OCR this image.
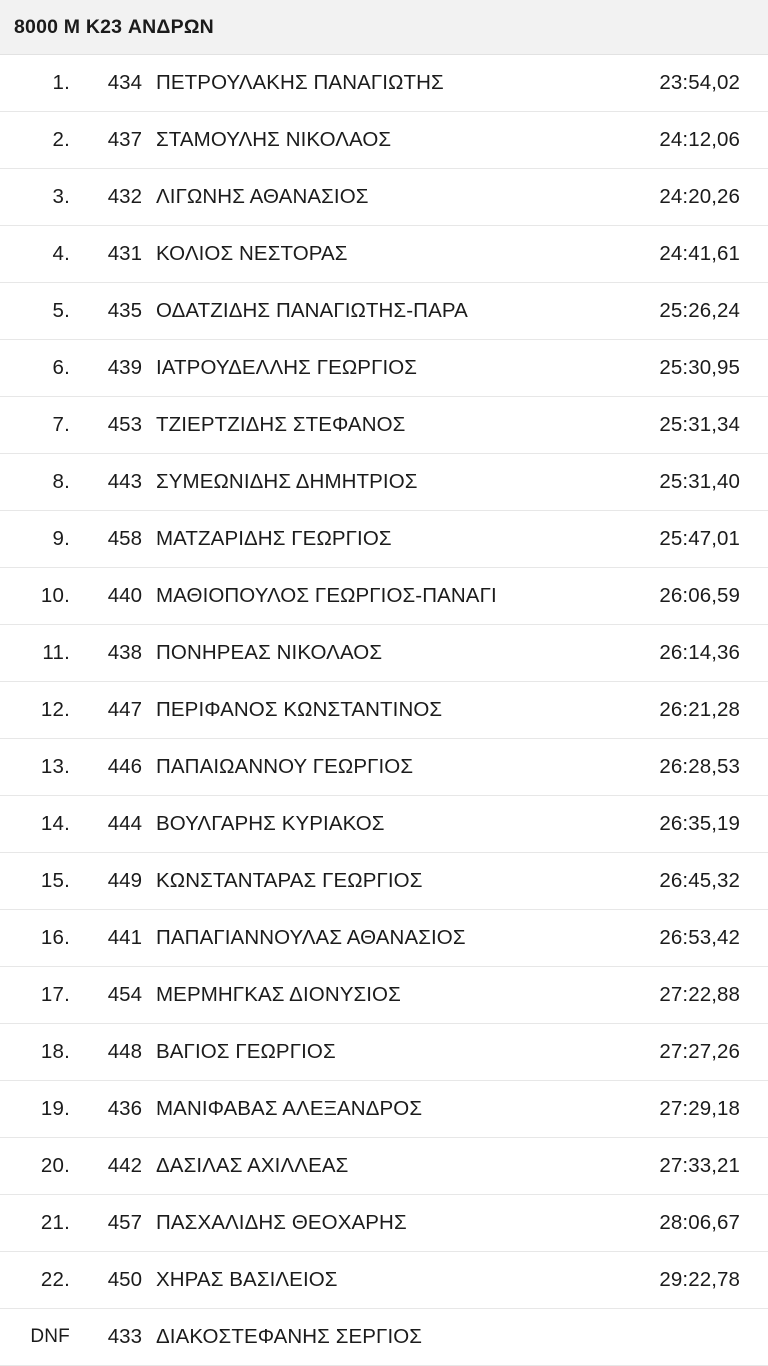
8000 M K23 ΑΝΔΡΩΝ
1.	434	ΠΕΤΡΟΥΛΑΚΗΣ ΠΑΝΑΓΙΩΤΗΣ	23:54,02
2.	437	ΣΤΑΜΟΥΛΗΣ ΝΙΚΟΛΑΟΣ	24:12,06
3.	432	ΛΙΓΩΝΗΣ ΑΘΑΝΑΣΙΟΣ	24:20,26
4.	431	ΚΟΛΙΟΣ ΝΕΣΤΟΡΑΣ	24:41,61
5.	435	ΟΔΑΤΖΙΔΗΣ ΠΑΝΑΓΙΩΤΗΣ-ΠΑΡΑ	25:26,24
6.	439	ΙΑΤΡΟΥΔΕΛΛΗΣ ΓΕΩΡΓΙΟΣ	25:30,95
7.	453	ΤΖΙΕΡΤΖΙΔΗΣ ΣΤΕΦΑΝΟΣ	25:31,34
8.	443	ΣΥΜΕΩΝΙΔΗΣ ΔΗΜΗΤΡΙΟΣ	25:31,40
9.	458	ΜΑΤΖΑΡΙΔΗΣ ΓΕΩΡΓΙΟΣ	25:47,01
10.	440	ΜΑΘΙΟΠΟΥΛΟΣ ΓΕΩΡΓΙΟΣ-ΠΑΝΑΓΙ	26:06,59
11.	438	ΠΟΝΗΡΕΑΣ ΝΙΚΟΛΑΟΣ	26:14,36
12.	447	ΠΕΡΙΦΑΝΟΣ ΚΩΝΣΤΑΝΤΙΝΟΣ	26:21,28
13.	446	ΠΑΠΑΙΩΑΝΝΟΥ ΓΕΩΡΓΙΟΣ	26:28,53
14.	444	ΒΟΥΛΓΑΡΗΣ ΚΥΡΙΑΚΟΣ	26:35,19
15.	449	ΚΩΝΣΤΑΝΤΑΡΑΣ ΓΕΩΡΓΙΟΣ	26:45,32
16.	441	ΠΑΠΑΓΙΑΝΝΟΥΛΑΣ ΑΘΑΝΑΣΙΟΣ	26:53,42
17.	454	ΜΕΡΜΗΓΚΑΣ ΔΙΟΝΥΣΙΟΣ	27:22,88
18.	448	ΒΑΓΙΟΣ ΓΕΩΡΓΙΟΣ	27:27,26
19.	436	ΜΑΝΙΦΑΒΑΣ ΑΛΕΞΑΝΔΡΟΣ	27:29,18
20.	442	ΔΑΣΙΛΑΣ ΑΧΙΛΛΕΑΣ	27:33,21
21.	457	ΠΑΣΧΑΛΙΔΗΣ ΘΕΟΧΑΡΗΣ	28:06,67
22.	450	ΧΗΡΑΣ ΒΑΣΙΛΕΙΟΣ	29:22,78
DNF	433	ΔΙΑΚΟΣΤΕΦΑΝΗΣ ΣΕΡΓΙΟΣ	
